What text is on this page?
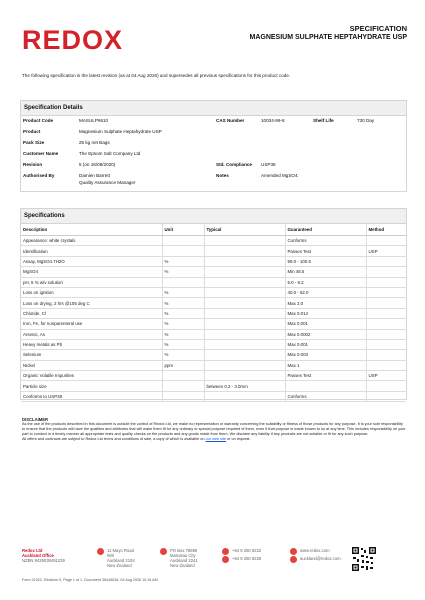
REDOX	SPECIFICATION
MAGNESIUM SULPHATE HEPTAHYDRATE USP
The following specification is the latest revision (as at 04 Aug 2026) and supersedes all previous specifications for this product code.
Specification Details
Product Code	MASULP9610	CAS Number	10034-99-8	Shelf Life	730 Day
Product	Magnesium Sulphate Heptahydrate USP
Pack Size	25 kg net Bags
Customer Name	The Epsom Salt Company Ltd
Revision	5 (on 16/09/2020)	Std. Compliance USP38
Authorised By	Damien Barrett
Quality Assurance Manager
Notes	Amended MgSO4.
Specifications
Description	Unit	Typical	Guaranteed	Method
Appearance: white crystals			Conforms	
Identification			Passes Test	USP
Assay, MgSO4.7H2O	%		99.0 - 100.5	
MgSO4	%		Min 48.5	
pH, 5 % w/v solution			5.0 - 9.2	
Loss on ignition	%		40.0 - 52.0	
Loss on drying, 2 hrs @105 deg C	%		Max 2.0	
Chloride, Cl	%		Max 0.014	
Iron, Fe, for nonparenteral use	%		Max 0.001	
Arsenic, As	%		Max 0.0002	
Heavy metals as Pb	%		Max 0.001	
Selenium	%		Max 0.003	
Nickel	ppm		Max 1	
Organic Volatile Impurities			Passes Test	USP
Particle size		between 0.2 - 3.0mm		
Conforms to USP38			Conforms	
DISCLAIMER
As the use of the products described in this document is outside the control of Redox Ltd, we make no representation or warranty concerning the suitability or fitness of those products for any purpose. It is your sole responsibility to ensure that the products will have the qualities and attributes that will make them fit for any ordinary or special purpose required of them, even if that purpose is made known to us at any time. This includes responsibility on your part to conduct in a timely manner all appropriate tests and quality checks on the products and any goods made from them. We disclaim any liability if any products are not suitable or fit for any such purpose.
All offers and contracts are subject to Redox Ltd terms and conditions of sale, a copy of which is available on our web site or on request.
Redox Ltd
Auckland Office
NZBN 9429038491239
11 Mayo Road
Wiri
Auckland 2104
New Zealand
PO Box 76886
Manukau City
Auckland 2241
New Zealand
+64 9 250 6222
+64 9 250 6226
www.redox.com
auckland@redox.com
Form 21022, Revision 5, Page 1 of 1, Document 36445816, 04 Aug 2026 10:16 AM
